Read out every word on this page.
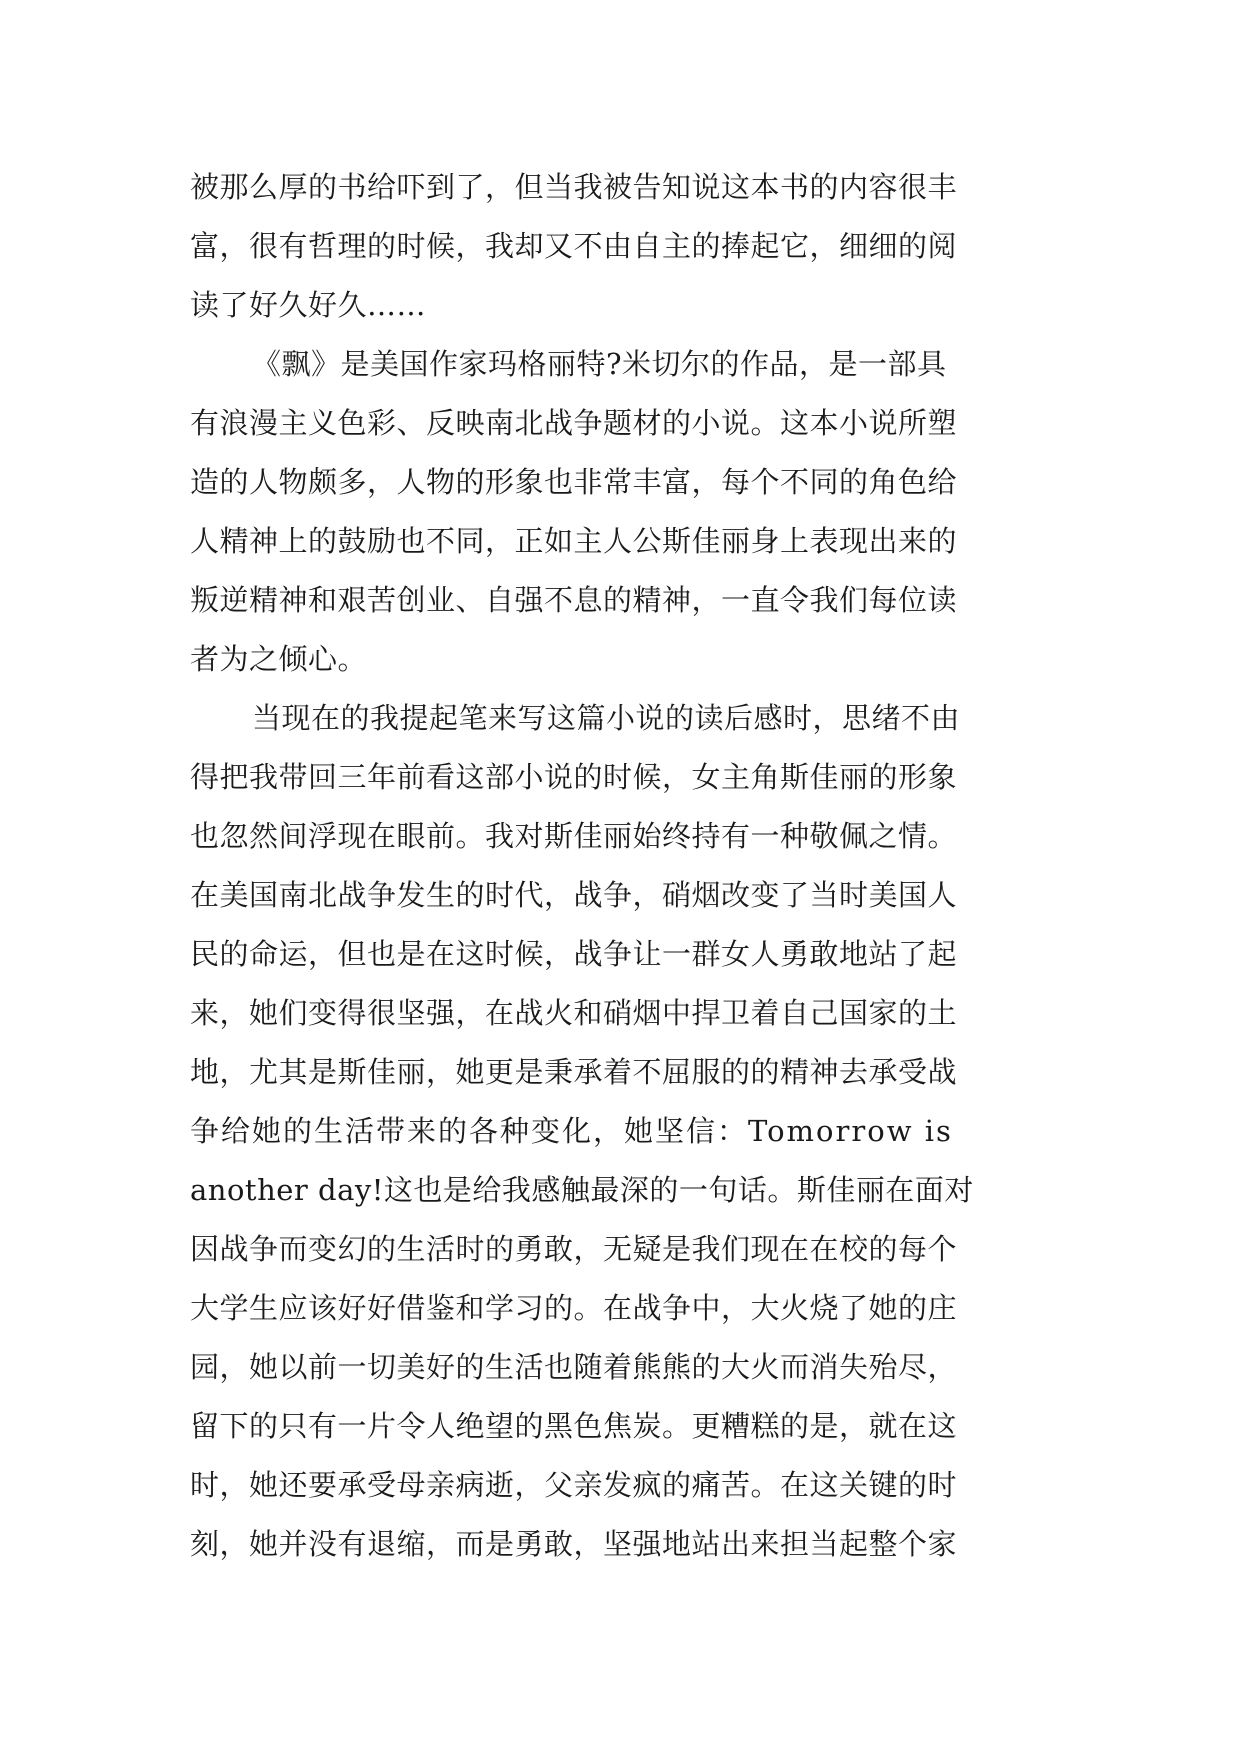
被那么厚的书给吓到了，但当我被告知说这本书的内容很丰
富，很有哲理的时候，我却又不由自主的捧起它，细细的阅
读了好久好久……
《飘》是美国作家玛格丽特?米切尔的作品，是一部具
有浪漫主义色彩、反映南北战争题材的小说。这本小说所塑
造的人物颇多，人物的形象也非常丰富，每个不同的角色给
人精神上的鼓励也不同，正如主人公斯佳丽身上表现出来的
叛逆精神和艰苦创业、自强不息的精神，一直令我们每位读
者为之倾心。
当现在的我提起笔来写这篇小说的读后感时，思绪不由
得把我带回三年前看这部小说的时候，女主角斯佳丽的形象
也忽然间浮现在眼前。我对斯佳丽始终持有一种敬佩之情。
在美国南北战争发生的时代，战争，硝烟改变了当时美国人
民的命运，但也是在这时候，战争让一群女人勇敢地站了起
来，她们变得很坚强，在战火和硝烟中捍卫着自己国家的土
地，尤其是斯佳丽，她更是秉承着不屈服的的精神去承受战
争给她的生活带来的各种变化，她坚信：Tomorrow is
another day!这也是给我感触最深的一句话。斯佳丽在面对
因战争而变幻的生活时的勇敢，无疑是我们现在在校的每个
大学生应该好好借鉴和学习的。在战争中，大火烧了她的庄
园，她以前一切美好的生活也随着熊熊的大火而消失殆尽，
留下的只有一片令人绝望的黑色焦炭。更糟糕的是，就在这
时，她还要承受母亲病逝，父亲发疯的痛苦。在这关键的时
刻，她并没有退缩，而是勇敢，坚强地站出来担当起整个家
